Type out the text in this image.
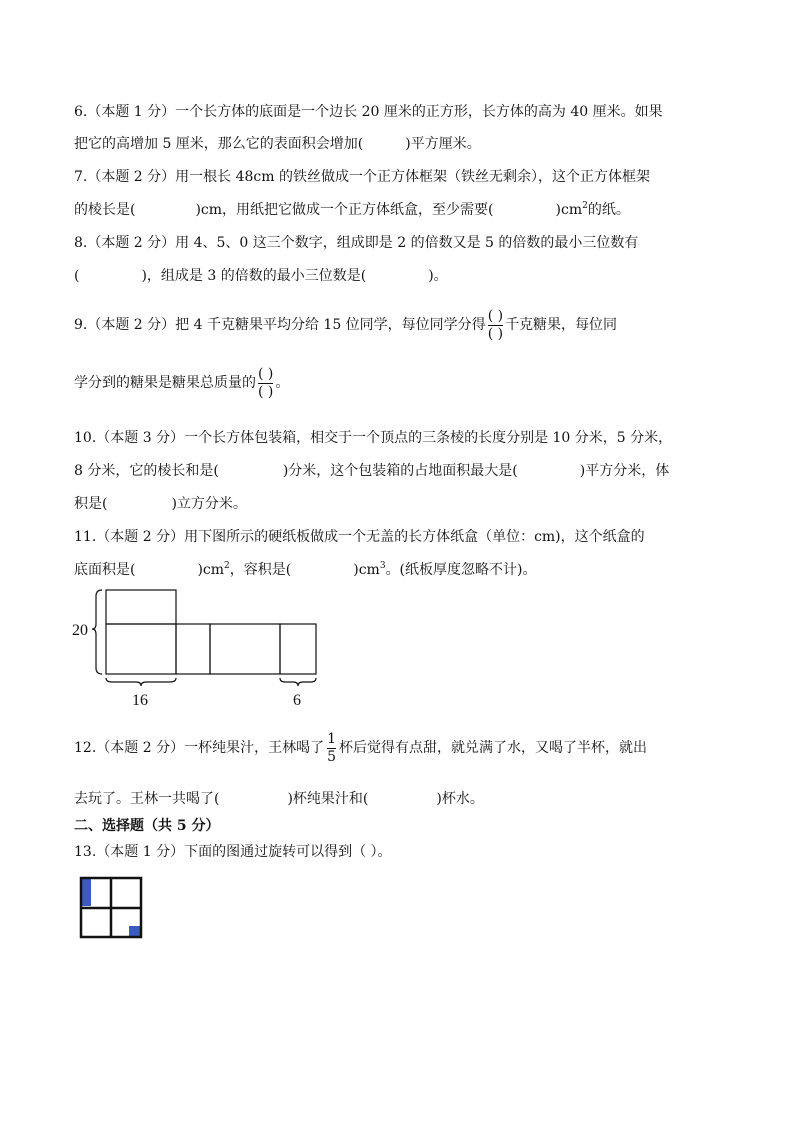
6.（本题 1 分）一个长方体的底面是一个边长 20 厘米的正方形，长方体的高为 40 厘米。如果
把它的高增加 5 厘米，那么它的表面积会增加(	)平方厘米。
7.（本题 2 分）用一根长 48cm 的铁丝做成一个正方体框架（铁丝无剩余），这个正方体框架
的棱长是(	)cm，用纸把它做成一个正方体纸盒，至少需要(	)$cm^2$的纸。
8.（本题 2 分）用 4、5、0 这三个数字，组成即是 2 的倍数又是 5 的倍数的最小三位数有
(	)，组成是 3 的倍数的最小三位数是(	)。
9.（本题 2 分）把 4 千克糖果平均分给 15 位同学，每位同学分得 $\frac{( )}{( )}$ 千克糖果，每位同
学分到的糖果是糖果总质量的 $\frac{( )}{( )}$ 。
10.（本题 3 分）一个长方体包装箱，相交于一个顶点的三条棱的长度分别是 10 分米，5 分米，
8 分米，它的棱长和是(	)分米，这个包装箱的占地面积最大是(	)平方分米，体
积是(	)立方分米。
11.（本题 2 分）用下图所示的硬纸板做成一个无盖的长方体纸盒（单位：cm)，这个纸盒的
底面积是(	)$cm^2$，容积是(	)$cm^3$。(纸板厚度忽略不计)。
20
16	6
12.（本题 2 分）一杯纯果汁，王林喝了 $\frac{1}{5}$ 杯后觉得有点甜，就兑满了水，又喝了半杯，就出
去玩了。王林一共喝了(	)杯纯果汁和(	)杯水。
二、选择题（共 5 分）
13.（本题 1 分）下面的图通过旋转可以得到（ ）。
